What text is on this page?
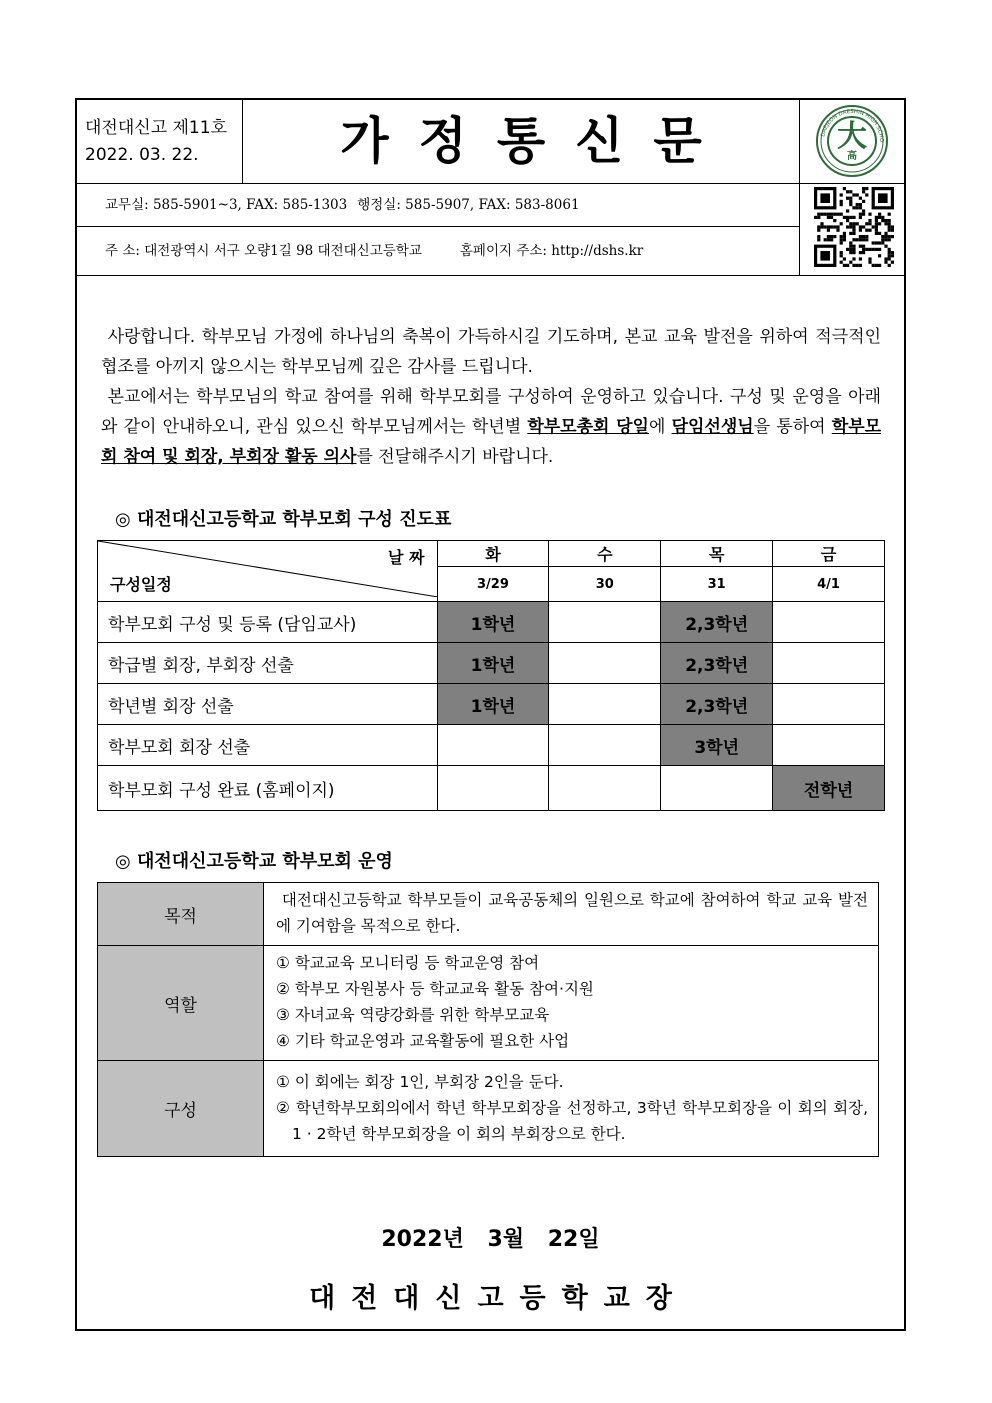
대전대신고 제11호
2022. 03. 22.	가정통신문	DAEJEON DAESHIN HIGH SCHO
大
高
교무실: 585-5901~3, FAX: 585-1303 행정실: 585-5907, FAX: 583-8061
주 소: 대전광역시 서구 오량1길 98 대전대신고등학교	홈페이지 주소: http://dshs.kr

사랑합니다. 학부모님 가정에 하나님의 축복이 가득하시길 기도하며, 본교 교육 발전을 위하여 적극적인 협조를 아끼지 않으시는 학부모님께 깊은 감사를 드립니다.

본교에서는 학부모님의 학교 참여를 위해 학부모회를 구성하여 운영하고 있습니다. 구성 및 운영을 아래와 같이 안내하오니, 관심 있으신 학부모님께서는 학년별 학부모총회 당일에 담임선생님을 통하여 학부모회 참여 및 회장, 부회장 활동 의사를 전달해주시기 바랍니다.

◎ 대전대신고등학교 학부모회 구성 진도표
날 짜
구성일정	화	수	목	금
	3/29	30	31	4/1
학부모회 구성 및 등록 (담임교사)	1학년		2,3학년	
학급별 회장, 부회장 선출	1학년		2,3학년	
학년별 회장 선출	1학년		2,3학년	
학부모회 회장 선출			3학년	
학부모회 구성 완료 (홈페이지)				전학년
◎ 대전대신고등학교 학부모회 운영
목적	대전대신고등학교 학부모들이 교육공동체의 일원으로 학교에 참여하여 학교 교육 발전에 기여함을 목적으로 한다.
역할	① 학교교육 모니터링 등 학교운영 참여
② 학부모 자원봉사 등 학교교육 활동 참여·지원
③ 자녀교육 역량강화를 위한 학부모교육
④ 기타 학교운영과 교육활동에 필요한 사업

구성	① 이 회에는 회장 1인, 부회장 2인을 둔다.
② 학년학부모회의에서 학년 학부모회장을 선정하고, 3학년 학부모회장을 이 회의 회장, 1 · 2학년 학부모회장을 이 회의 부회장으로 한다.
2022년 3월 22일
대전대신고등학교장
